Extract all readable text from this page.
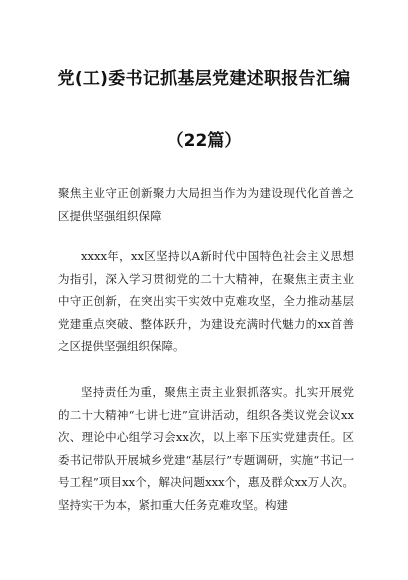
党(工)委书记抓基层党建述职报告汇编
（22篇）
聚焦主业守正创新聚力大局担当作为为建设现代化首善之区提供坚强组织保障
xxxx年，xx区坚持以A新时代中国特色社会主义思想为指引，深入学习贯彻党的二十大精神，在聚焦主责主业中守正创新，在突出实干实效中克难攻坚，全力推动基层党建重点突破、整体跃升，为建设充满时代魅力的xx首善之区提供坚强组织保障。
坚持责任为重，聚焦主责主业狠抓落实。扎实开展党的二十大精神“七讲七进”宣讲活动，组织各类议党会议xx次、理论中心组学习会xx次，以上率下压实党建责任。区委书记带队开展城乡党建“基层行”专题调研，实施“书记一号工程”项目xx个，解决问题xxx个，惠及群众xx万人次。坚持实干为本，紧扣重大任务克难攻坚。构建
